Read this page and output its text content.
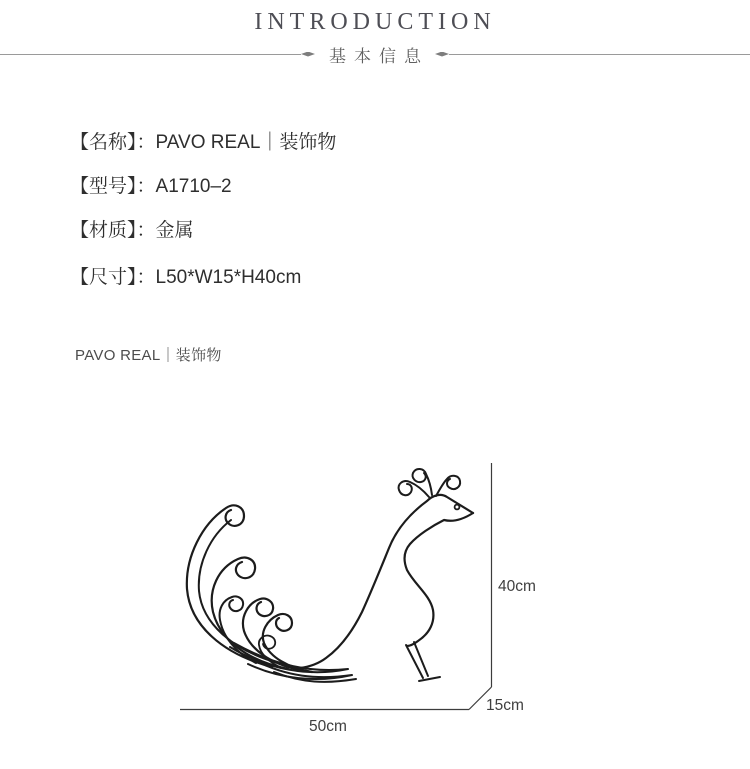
INTRODUCTION
基本信息
【名称】：PAVO REAL｜装饰物
【型号】：A1710–2
【材质】：金属
【尺寸】：L50*W15*H40cm
PAVO REAL｜装饰物
40cm
15cm
50cm
